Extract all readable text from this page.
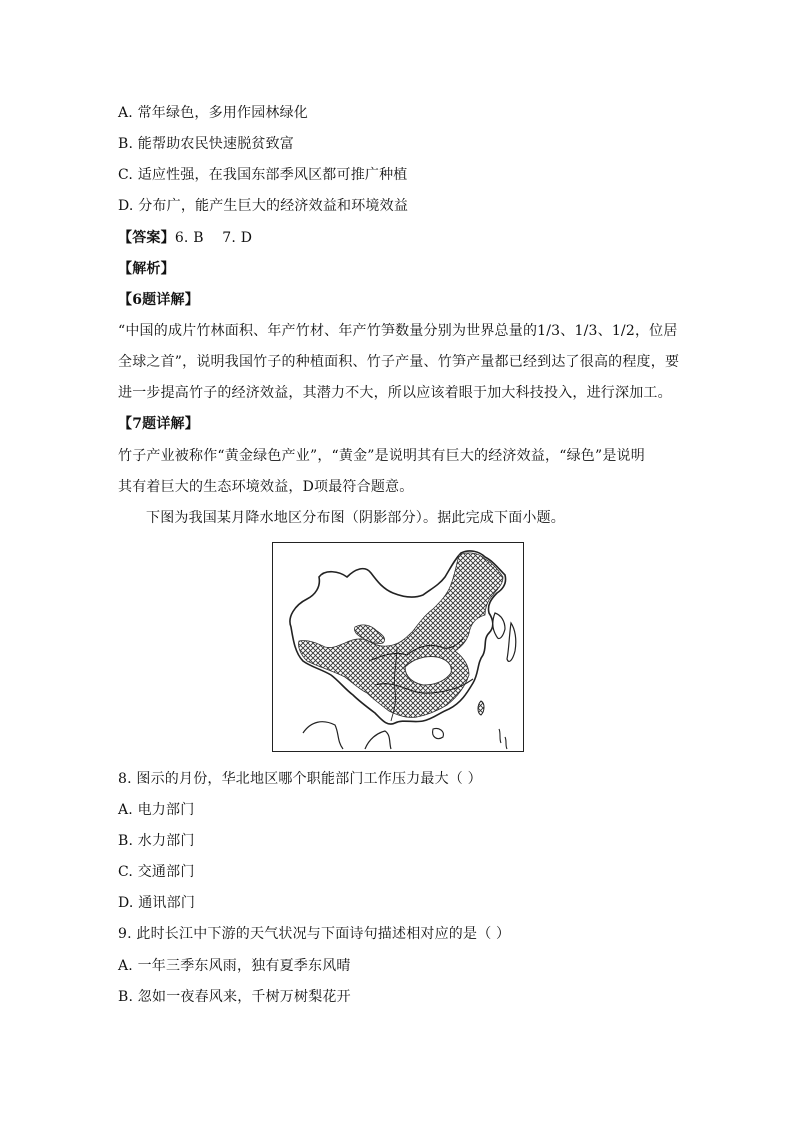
A. 常年绿色，多用作园林绿化
B. 能帮助农民快速脱贫致富
C. 适应性强，在我国东部季风区都可推广种植
D. 分布广，能产生巨大的经济效益和环境效益
【答案】6. B    7. D
【解析】
【6题详解】
“中国的成片竹林面积、年产竹材、年产竹笋数量分别为世界总量的1/3、1/3、1/2，位居
全球之首”，说明我国竹子的种植面积、竹子产量、竹笋产量都已经到达了很高的程度，要
进一步提高竹子的经济效益，其潜力不大，所以应该着眼于加大科技投入，进行深加工。
【7题详解】
竹子产业被称作“黄金绿色产业”，“黄金”是说明其有巨大的经济效益，“绿色”是说明
其有着巨大的生态环境效益，D项最符合题意。
下图为我国某月降水地区分布图（阴影部分）。据此完成下面小题。
8. 图示的月份，华北地区哪个职能部门工作压力最大（ ）
A. 电力部门
B. 水力部门
C. 交通部门
D. 通讯部门
9. 此时长江中下游的天气状况与下面诗句描述相对应的是（ ）
A. 一年三季东风雨，独有夏季东风晴
B. 忽如一夜春风来，千树万树梨花开
